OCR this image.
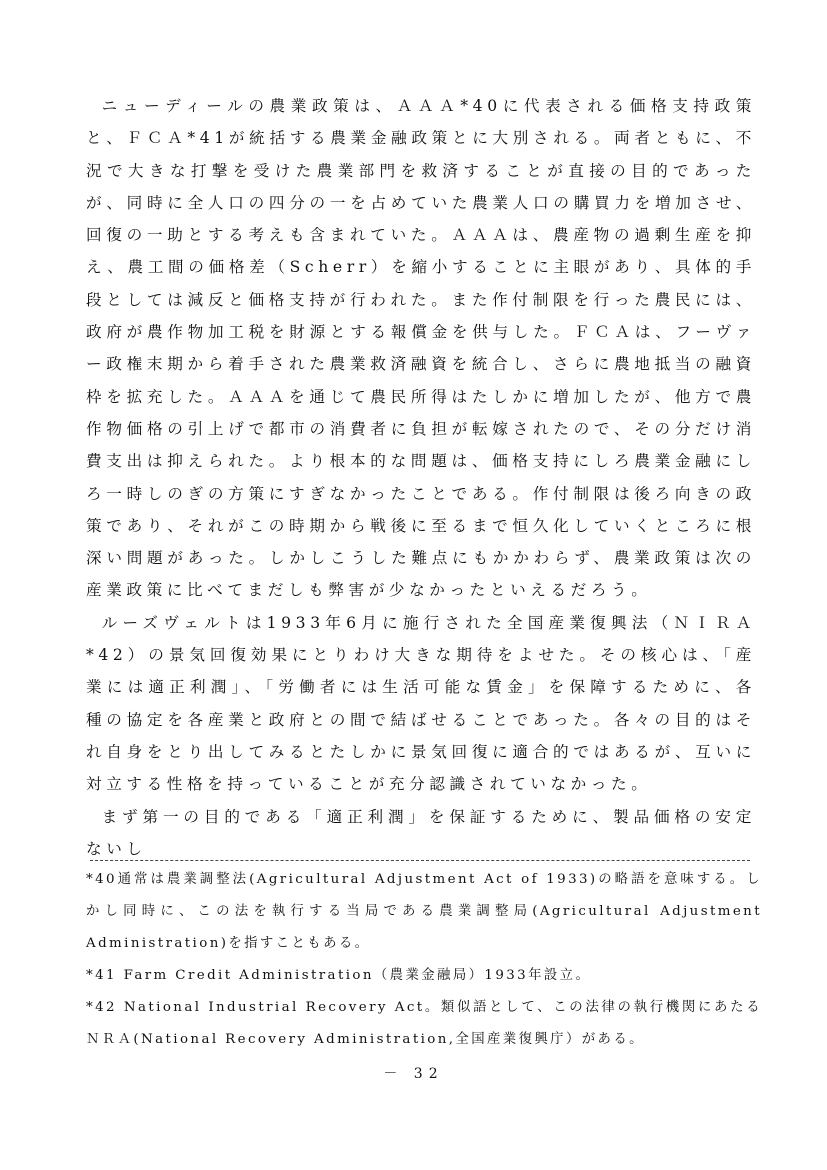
ニューディールの農業政策は、ＡＡＡ*40に代表される価格支持政策と、ＦＣＡ*41が統括する農業金融政策とに大別される。両者ともに、不況で大きな打撃を受けた農業部門を救済することが直接の目的であったが、同時に全人口の四分の一を占めていた農業人口の購買力を増加させ、回復の一助とする考えも含まれていた。ＡＡＡは、農産物の過剰生産を抑え、農工間の価格差（Scherr）を縮小することに主眼があり、具体的手段としては減反と価格支持が行われた。また作付制限を行った農民には、政府が農作物加工税を財源とする報償金を供与した。ＦＣＡは、フーヴァー政権末期から着手された農業救済融資を統合し、さらに農地抵当の融資枠を拡充した。ＡＡＡを通じて農民所得はたしかに増加したが、他方で農作物価格の引上げで都市の消費者に負担が転嫁されたので、その分だけ消費支出は抑えられた。より根本的な問題は、価格支持にしろ農業金融にしろ一時しのぎの方策にすぎなかったことである。作付制限は後ろ向きの政策であり、それがこの時期から戦後に至るまで恒久化していくところに根深い問題があった。しかしこうした難点にもかかわらず、農業政策は次の産業政策に比べてまだしも弊害が少なかったといえるだろう。

ルーズヴェルトは1933年6月に施行された全国産業復興法（ＮＩＲＡ*42）の景気回復効果にとりわけ大きな期待をよせた。その核心は、「産業には適正利潤」、「労働者には生活可能な賃金」を保障するために、各種の協定を各産業と政府との間で結ばせることであった。各々の目的はそれ自身をとり出してみるとたしかに景気回復に適合的ではあるが、互いに対立する性格を持っていることが充分認識されていなかった。

まず第一の目的である「適正利潤」を保証するために、製品価格の安定ないし

*40通常は農業調整法(Agricultural Adjustment Act of 1933)の略語を意味する。しかし同時に、この法を執行する当局である農業調整局(Agricultural Adjustment Administration)を指すこともある。

*41 Farm Credit Administration（農業金融局）1933年設立。

*42 National Industrial Recovery Act。類似語として、この法律の執行機関にあたるＮＲＡ(National Recovery Administration,全国産業復興庁）がある。

－ 32
